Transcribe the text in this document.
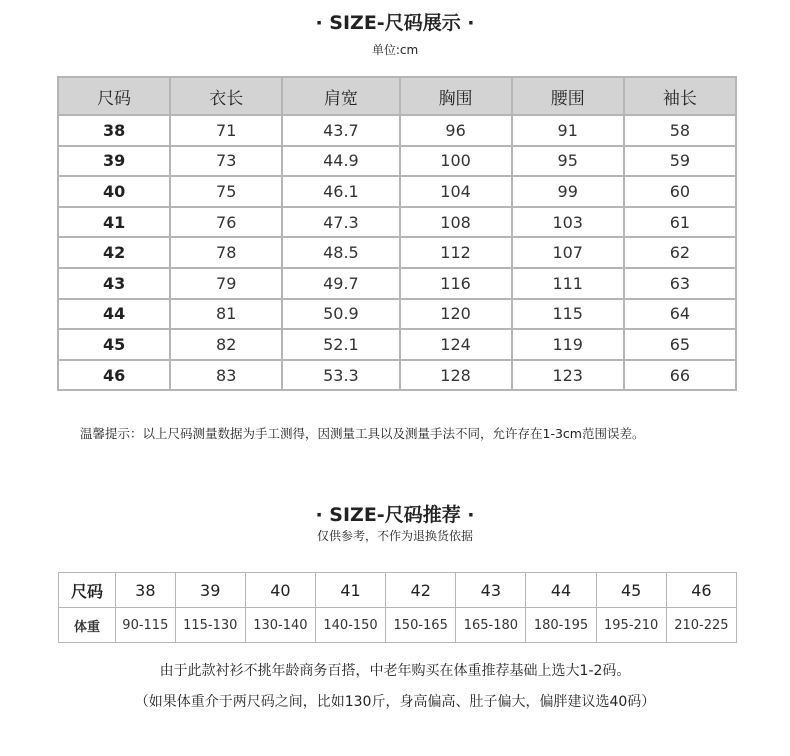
· SIZE-尺码展示 ·
单位:cm
尺码	衣长	肩宽	胸围	腰围	袖长
38	71	43.7	96	91	58
39	73	44.9	100	95	59
40	75	46.1	104	99	60
41	76	47.3	108	103	61
42	78	48.5	112	107	62
43	79	49.7	116	111	63
44	81	50.9	120	115	64
45	82	52.1	124	119	65
46	83	53.3	128	123	66
温馨提示：以上尺码测量数据为手工测得，因测量工具以及测量手法不同，允许存在1-3cm范围误差。
· SIZE-尺码推荐 ·
仅供参考，不作为退换货依据
尺码	38	39	40	41	42	43	44	45	46
体重	90-115	115-130	130-140	140-150	150-165	165-180	180-195	195-210	210-225
由于此款衬衫不挑年龄商务百搭，中老年购买在体重推荐基础上选大1-2码。
（如果体重介于两尺码之间，比如130斤，身高偏高、肚子偏大，偏胖建议选40码）
